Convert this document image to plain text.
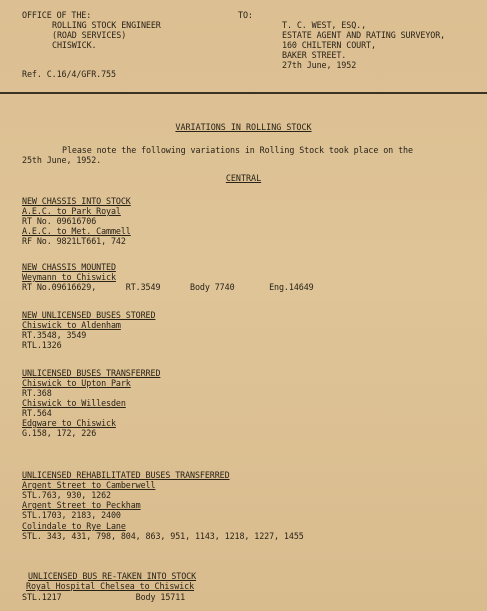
OFFICE OF THE:
ROLLING STOCK ENGINEER
(ROAD SERVICES)
CHISWICK.
Ref. C.16/4/GFR.755
TO:
T. C. WEST, ESQ.,
ESTATE AGENT AND RATING SURVEYOR,
160 CHILTERN COURT,
BAKER STREET.
27th June, 1952
VARIATIONS IN ROLLING STOCK
Please note the following variations in Rolling Stock took place on the
25th June, 1952.
CENTRAL
NEW CHASSIS INTO STOCK
A.E.C. to Park Royal
RT No. 09616706
A.E.C. to Met. Cammell
RF No. 9821LT661, 742
NEW CHASSIS MOUNTED
Weymann to Chiswick
RT No.09616629,      RT.3549      Body 7740       Eng.14649
NEW UNLICENSED BUSES STORED
Chiswick to Aldenham
RT.3548, 3549
RTL.1326
UNLICENSED BUSES TRANSFERRED
Chiswick to Upton Park
RT.368
Chiswick to Willesden
RT.564
Edgware to Chiswick
G.158, 172, 226
UNLICENSED REHABILITATED BUSES TRANSFERRED
Argent Street to Camberwell
STL.763, 930, 1262
Argent Street to Peckham
STL.1703, 2183, 2400
Colindale to Rye Lane
STL. 343, 431, 798, 804, 863, 951, 1143, 1218, 1227, 1455
UNLICENSED BUS RE-TAKEN INTO STOCK
Royal Hospital Chelsea to Chiswick
STL.1217               Body 15711
